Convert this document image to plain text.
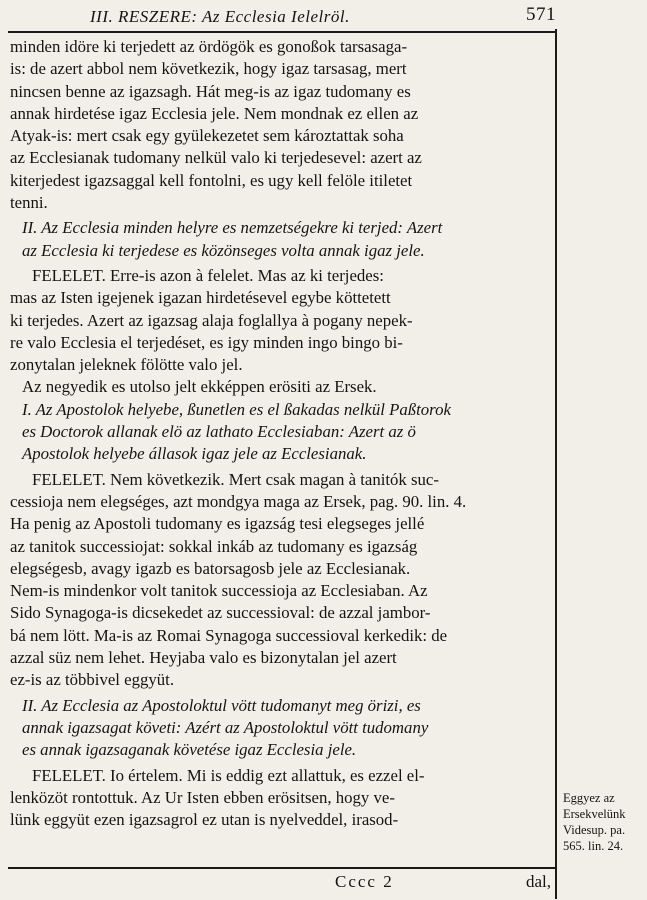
III. RESZERE: Az Ecclesia Ielelröl.	571
minden idöre ki terjedett az ördögök es gonoßok tarsasaga-
is: de azert abbol nem következik, hogy igaz tarsasag, mert
nincsen benne az igazsagh. Hát meg-is az igaz tudomany es
annak hirdetése igaz Ecclesia jele. Nem mondnak ez ellen az
Atyak-is: mert csak egy gyülekezetet sem károztattak soha
az Ecclesianak tudomany nelkül valo ki terjedesevel: azert az
kiterjedest igazsaggal kell fontolni, es ugy kell felöle itiletet
tenni.
II. Az Ecclesia minden helyre es nemzetségekre ki terjed: Azert
az Ecclesia ki terjedese es közönseges volta annak igaz jele.
FELELET. Erre-is azon à felelet. Mas az ki terjedes:
mas az Isten igejenek igazan hirdetésevel egybe köttetett
ki terjedes. Azert az igazsag alaja foglallya à pogany nepek-
re valo Ecclesia el terjedéset, es igy minden ingo bingo bi-
zonytalan jeleknek fölötte valo jel.
Az negyedik es utolso jelt ekképpen erösiti az Ersek.
I. Az Apostolok helyebe, ßunetlen es el ßakadas nelkül Paßtorok
es Doctorok allanak elö az lathato Ecclesiaban: Azert az ö
Apostolok helyebe állasok igaz jele az Ecclesianak.
FELELET. Nem következik. Mert csak magan à tanitók suc-
cessioja nem elegséges, azt mondgya maga az Ersek, pag. 90. lin. 4.
Ha penig az Apostoli tudomany es igazság tesi elegseges jellé
az tanitok successiojat: sokkal inkáb az tudomany es igazság
elegségesb, avagy igazb es batorsagosb jele az Ecclesianak.
Nem-is mindenkor volt tanitok successioja az Ecclesiaban. Az
Sido Synagoga-is dicsekedet az successioval: de azzal jambor-
bá nem lött. Ma-is az Romai Synagoga successioval kerkedik: de
azzal süz nem lehet. Heyjaba valo es bizonytalan jel azert
ez-is az többivel eggyüt.
II. Az Ecclesia az Apostoloktul vött tudomanyt meg örizi, es
annak igazsagat követi: Azért az Apostoloktul vött tudomany
es annak igazsaganak követése igaz Ecclesia jele.
FELELET. Io értelem. Mi is eddig ezt allattuk, es ezzel el-
lenközöt rontottuk. Az Ur Isten ebben erösitsen, hogy ve-
lünk eggyüt ezen igazsagrol ez utan is nyelveddel, irasod-
Eggyez az
Ersekvelünk
Videsup. pa.
565. lin. 24.
Cccc 2	dal,
